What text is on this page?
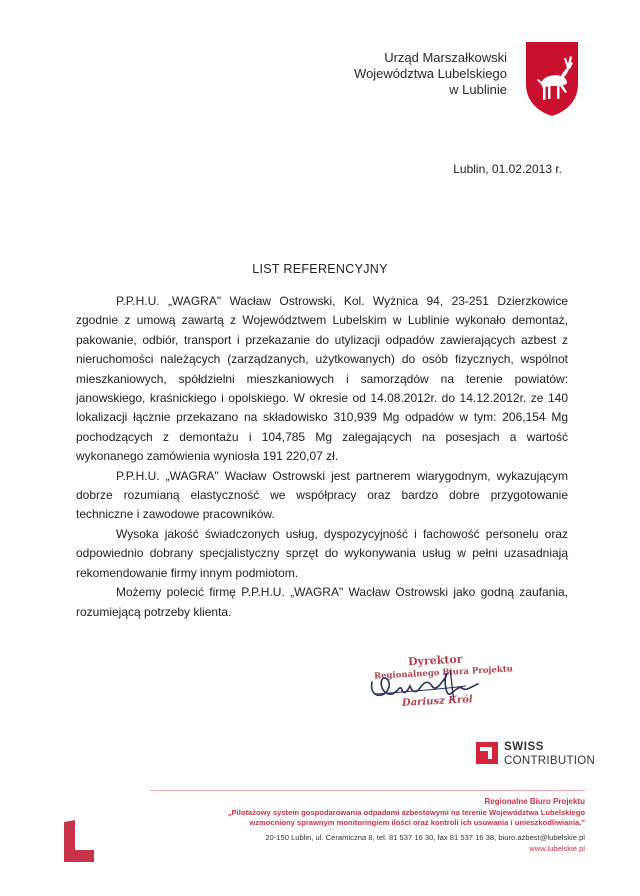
Urząd Marszałkowski
Województwa Lubelskiego
w Lublinie
Lublin, 01.02.2013 r.
LIST REFERENCYJNY

P.P.H.U. „WAGRA" Wacław Ostrowski, Kol. Wyżnica 94, 23-251 Dzierzkowice zgodnie z umową zawartą z Województwem Lubelskim w Lublinie wykonało demontaż, pakowanie, odbiór, transport i przekazanie do utylizacji odpadów zawierających azbest z nieruchomości należących (zarządzanych, użytkowanych) do osób fizycznych, wspólnot mieszkaniowych, spółdzielni mieszkaniowych i samorządów na terenie powiatów: janowskiego, kraśnickiego i opolskiego. W okresie od 14.08.2012r. do 14.12.2012r. ze 140 lokalizacji łącznie przekazano na składowisko 310,939 Mg odpadów w tym: 206,154 Mg pochodzących z demontażu i 104,785 Mg zalegających na posesjach a wartość wykonanego zamówienia wyniosła 191 220,07 zł.

P.P.H.U. „WAGRA" Wacław Ostrowski jest partnerem wiarygodnym, wykazującym dobrze rozumianą elastyczność we współpracy oraz bardzo dobre przygotowanie techniczne i zawodowe pracowników.

Wysoka jakość świadczonych usług, dyspozycyjność i fachowość personelu oraz odpowiednio dobrany specjalistyczny sprzęt do wykonywania usług w pełni uzasadniają rekomendowanie firmy innym podmiotom.

Możemy polecić firmę P.P.H.U. „WAGRA" Wacław Ostrowski jako godną zaufania, rozumiejącą potrzeby klienta.

Dyrektor
Regionalnego Biura Projektu
Dariusz Król
SWISS
CONTRIBUTION
Regionalne Biuro Projektu
„Pilotażowy system gospodarowania odpadami azbestowymi na terenie Województwa Lubelskiego
wzmocniony sprawnym monitoringiem ilości oraz kontroli ich usuwania i unieszkodliwiania."
20-150 Lublin, ul. Ceramiczna 8, tel. 81 537 16 30, fax 81 537 16 38, biuro.azbest@lubelskie.pl
www.lubelskie.pl
